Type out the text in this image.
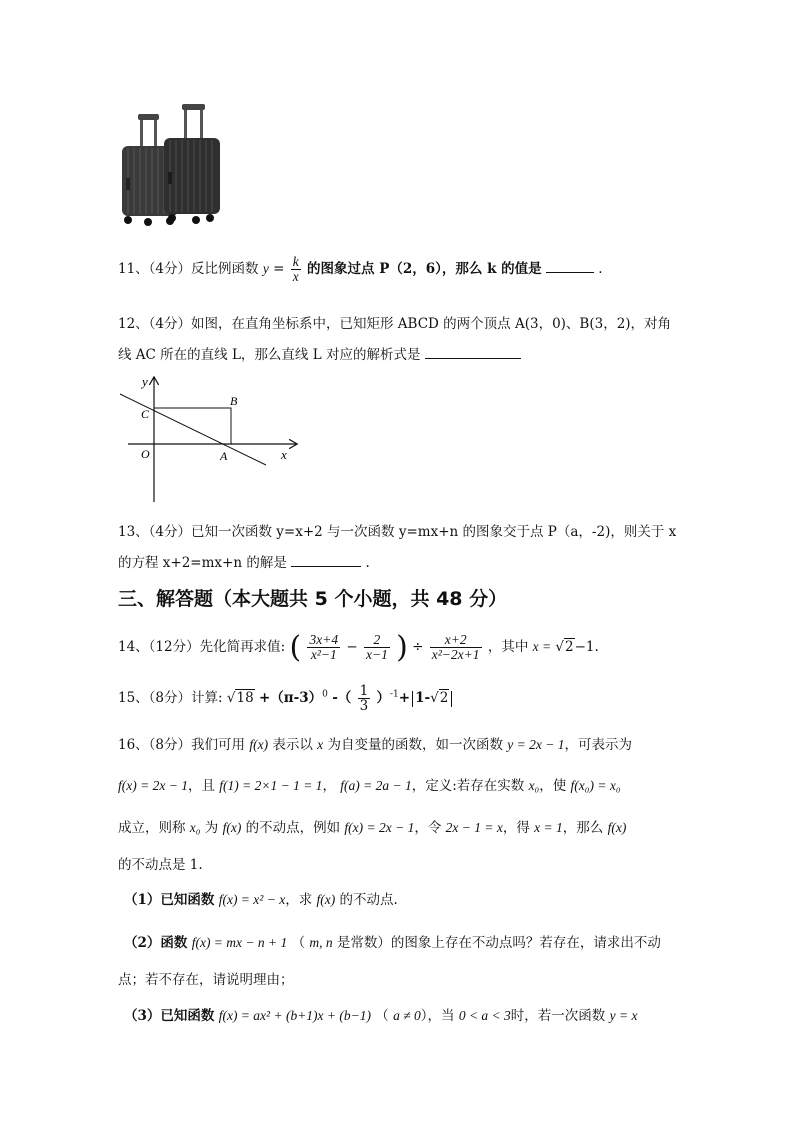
11、（4分）反比例函数 $y = \frac{k}{x}$ 的图象过点 P（2，6），那么 k 的值是	.
12、（4分）如图，在直角坐标系中，已知矩形 ABCD 的两个顶点 A(3，0)、B(3，2)，对角
线 AC 所在的直线 L，那么直线 L 对应的解析式是
y
x
O	A
B
C
13、（4分）已知一次函数 y=x+2 与一次函数 y=mx+n 的图象交于点 P（a，-2)，则关于 x
的方程 x+2=mx+n 的解是	.
三、解答题（本大题共 5 个小题，共 48 分）
14、（12分）先化简再求值: ( $\frac{3x+4}{\text{x²−1}} - \frac{2}{x-1}$ ) ÷ $\frac{x+2}{\text{x²−2x+1}}$ ，其中 x = √2−1.
15、（8分）计算: $√18 +(\pi-3)^0$ -（ $\frac{1}{3} )^{-1}+ 1-√2$
16、（8分）我们可用 f(x) 表示以 x 为自变量的函数，如一次函数 y = 2x − 1，可表示为
f(x) = 2x − 1，且 f(1) = 2×1 − 1 = 1， f(a) = 2a − 1，定义:若存在实数 x₀，使 f(x₀) = x₀
成立，则称 x₀ 为 f(x) 的不动点，例如 f(x) = 2x − 1，令 2x − 1 = x，得 x = 1，那么 f(x)
的不动点是 1.
（1）已知函数 f(x) = x² − x，求 f(x) 的不动点.
（2）函数 f(x) = mx − n + 1 （ m, n 是常数）的图象上存在不动点吗？若存在，请求出不动
点；若不存在，请说明理由；
（3）已知函数 f(x) = ax² + (b+1)x + (b−1) （ a ≠ 0），当 0 < a < 3时，若一次函数 y = x
